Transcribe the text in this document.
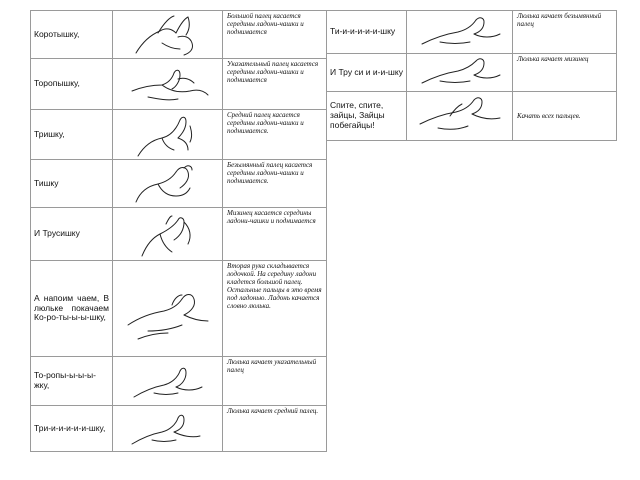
Коротышку,		Большой палец касается середины ладони-чашки и поднимается
Торопышку,		Указательный палец касается середины ладони-чашки и поднимается
Тришку,		Средний палец касается середины ладони-чашки и поднимается.
Тишку		Безымянный палец касается середины ладони-чашки и поднимается.
И Трусишку		Мизинец касается середины ладони-чашки и поднимается
А напоим чаем, В люльке покачаем Ко-ро-ты-ы-ы-шку,		Вторая рука складывается лодочкой. На середину ладони кладется большой палец. Остальные пальцы в это время под ладонью. Ладонь качается словно люлька.
То-ропы-ы-ы-ы-жку,		Люлька качает указательный палец
Три-и-и-и-и-и-шку,		Люлька качает средний палец.
Ти-и-и-и-и-и-шку		Люлька качает безымянный палец
И Тру си и и-и-шку		Люлька качает мизинец
Спите, спите, зайцы, Зайцы побегайцы!		Качать всех пальцев.
